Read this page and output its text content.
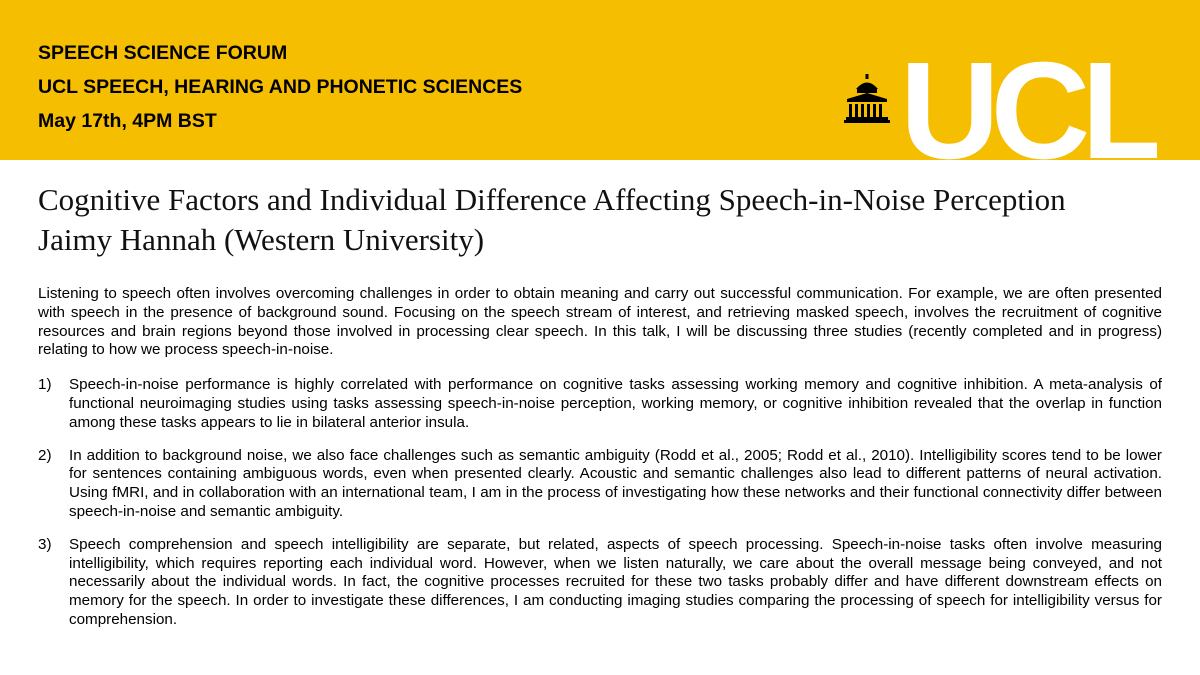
SPEECH SCIENCE FORUM
UCL SPEECH, HEARING AND PHONETIC SCIENCES
May 17th, 4PM BST	UCL
Cognitive Factors and Individual Difference Affecting Speech-in-Noise Perception
Jaimy Hannah (Western University)

Listening to speech often involves overcoming challenges in order to obtain meaning and carry out successful communication. For example, we are often presented with speech in the presence of background sound. Focusing on the speech stream of interest, and retrieving masked speech, involves the recruitment of cognitive resources and brain regions beyond those involved in processing clear speech. In this talk, I will be discussing three studies (recently completed and in progress) relating to how we process speech-in-noise.

1)	Speech-in-noise performance is highly correlated with performance on cognitive tasks assessing working memory and cognitive inhibition. A meta-analysis of functional neuroimaging studies using tasks assessing speech-in-noise perception, working memory, or cognitive inhibition revealed that the overlap in function among these tasks appears to lie in bilateral anterior insula.
2)	In addition to background noise, we also face challenges such as semantic ambiguity (Rodd et al., 2005; Rodd et al., 2010). Intelligibility scores tend to be lower for sentences containing ambiguous words, even when presented clearly. Acoustic and semantic challenges also lead to different patterns of neural activation. Using fMRI, and in collaboration with an international team, I am in the process of investigating how these networks and their functional connectivity differ between speech-in-noise and semantic ambiguity.
3)	Speech comprehension and speech intelligibility are separate, but related, aspects of speech processing. Speech-in-noise tasks often involve measuring intelligibility, which requires reporting each individual word. However, when we listen naturally, we care about the overall message being conveyed, and not necessarily about the individual words. In fact, the cognitive processes recruited for these two tasks probably differ and have different downstream effects on memory for the speech. In order to investigate these differences, I am conducting imaging studies comparing the processing of speech for intelligibility versus for comprehension.
